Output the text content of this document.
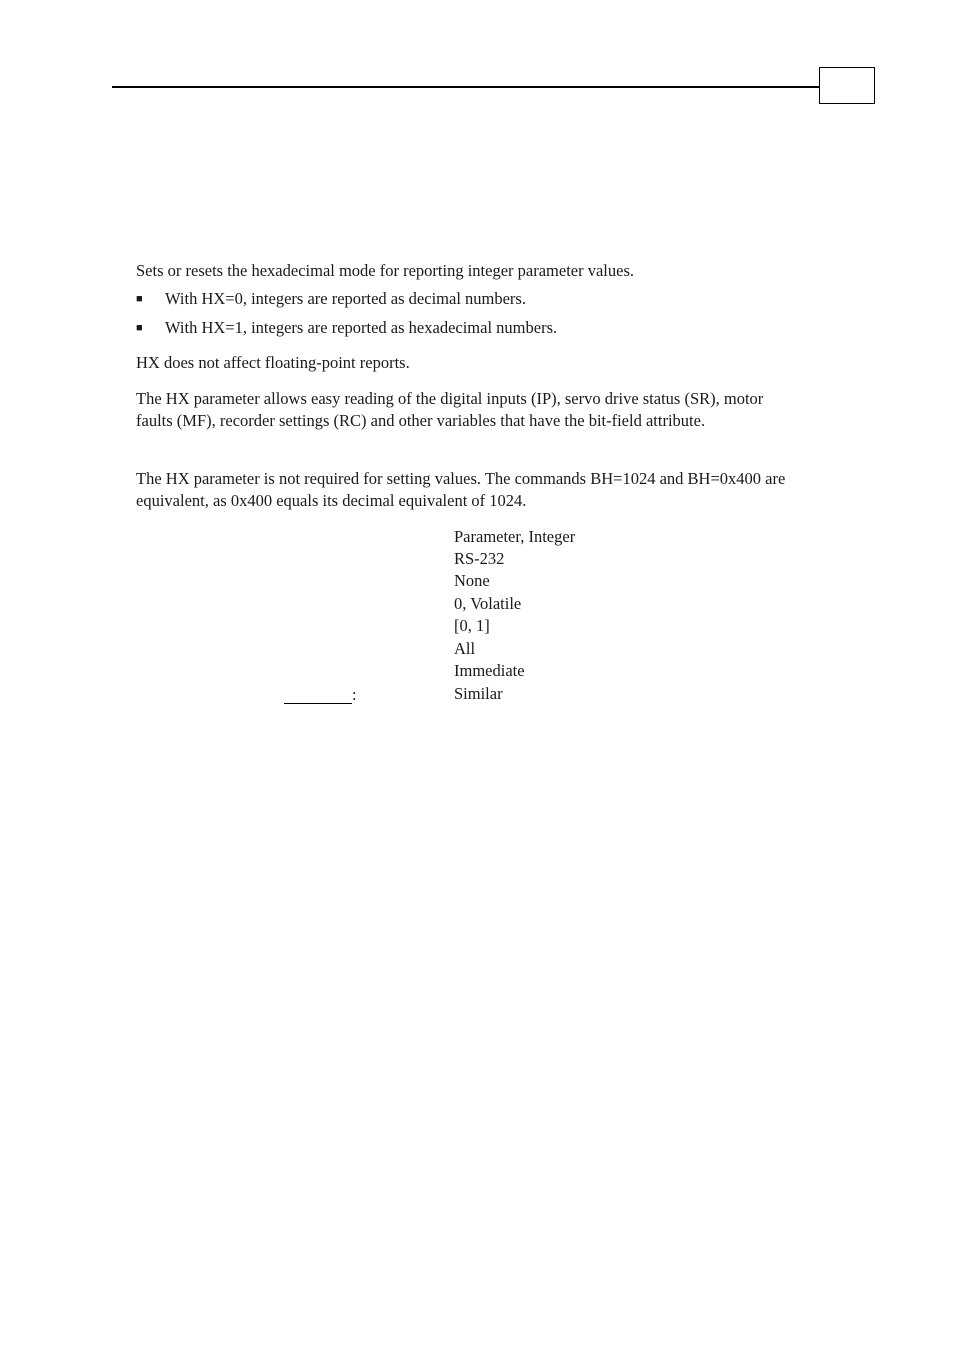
Sets or resets the hexadecimal mode for reporting integer parameter values.

■ With HX=0, integers are reported as decimal numbers.
■ With HX=1, integers are reported as hexadecimal numbers.

HX does not affect floating-point reports.

The HX parameter allows easy reading of the digital inputs (IP), servo drive status (SR), motor faults (MF), recorder settings (RC) and other variables that have the bit-field attribute.

The HX parameter is not required for setting values. The commands BH=1024 and BH=0x400 are equivalent, as 0x400 equals its decimal equivalent of 1024.

Parameter, Integer
RS-232
None
0, Volatile
[0, 1]
All
Immediate
Similar
:
